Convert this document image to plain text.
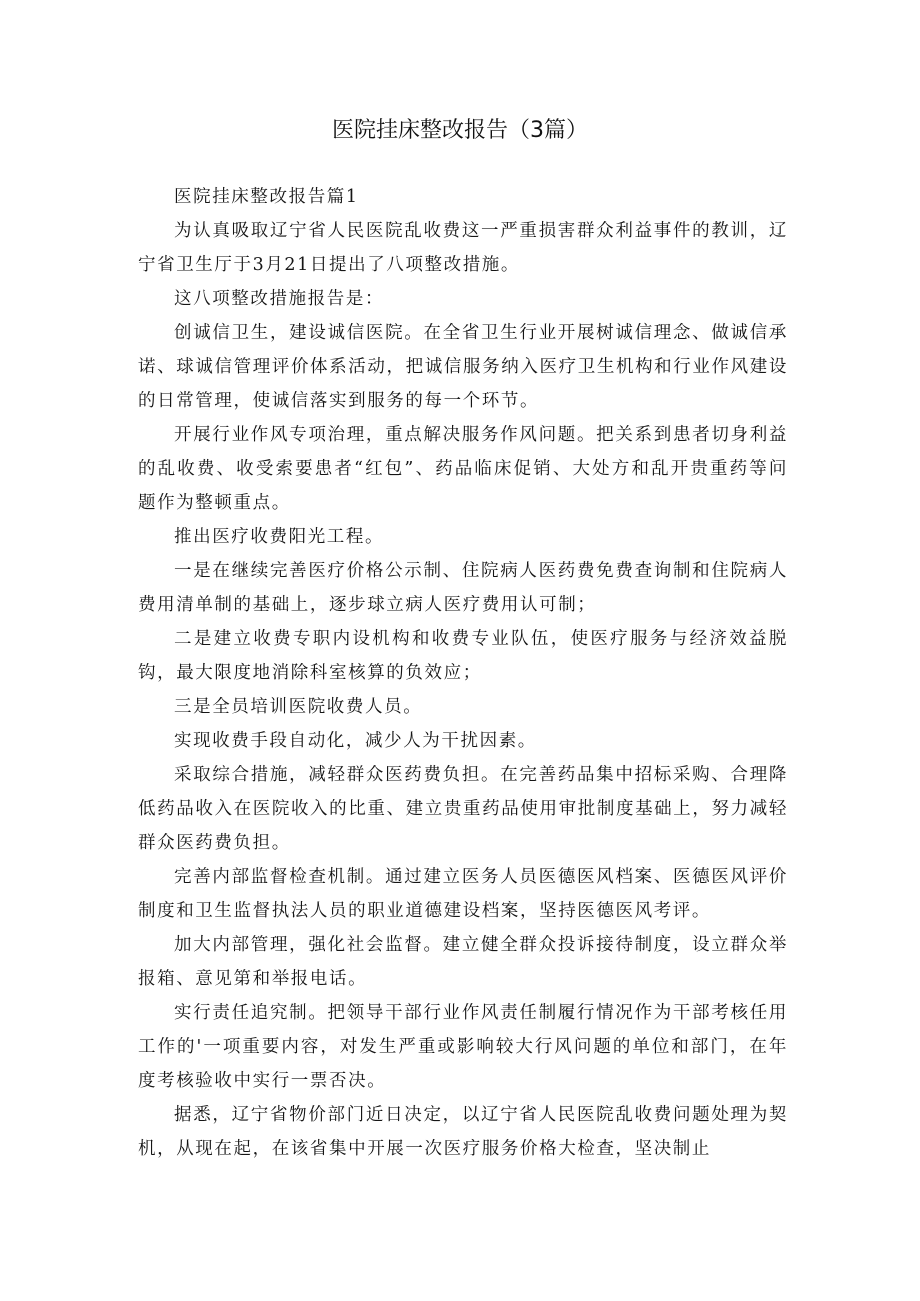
医院挂床整改报告（3篇）

医院挂床整改报告篇1

为认真吸取辽宁省人民医院乱收费这一严重损害群众利益事件的教训，辽宁省卫生厅于3月21日提出了八项整改措施。

这八项整改措施报告是：

创诚信卫生，建设诚信医院。在全省卫生行业开展树诚信理念、做诚信承诺、球诚信管理评价体系活动，把诚信服务纳入医疗卫生机构和行业作风建设的日常管理，使诚信落实到服务的每一个环节。

开展行业作风专项治理，重点解决服务作风问题。把关系到患者切身利益的乱收费、收受索要患者“红包”、药品临床促销、大处方和乱开贵重药等问题作为整顿重点。

推出医疗收费阳光工程。

一是在继续完善医疗价格公示制、住院病人医药费免费查询制和住院病人费用清单制的基础上，逐步球立病人医疗费用认可制；

二是建立收费专职内设机构和收费专业队伍，使医疗服务与经济效益脱钩，最大限度地消除科室核算的负效应；

三是全员培训医院收费人员。

实现收费手段自动化，减少人为干扰因素。

采取综合措施，减轻群众医药费负担。在完善药品集中招标采购、合理降低药品收入在医院收入的比重、建立贵重药品使用审批制度基础上，努力减轻群众医药费负担。

完善内部监督检查机制。通过建立医务人员医德医风档案、医德医风评价制度和卫生监督执法人员的职业道德建设档案，坚持医德医风考评。

加大内部管理，强化社会监督。建立健全群众投诉接待制度，设立群众举报箱、意见第和举报电话。

实行责任追究制。把领导干部行业作风责任制履行情况作为干部考核任用工作的'一项重要内容，对发生严重或影响较大行风问题的单位和部门，在年度考核验收中实行一票否决。

据悉，辽宁省物价部门近日决定，以辽宁省人民医院乱收费问题处理为契机，从现在起，在该省集中开展一次医疗服务价格大检查，坚决制止
